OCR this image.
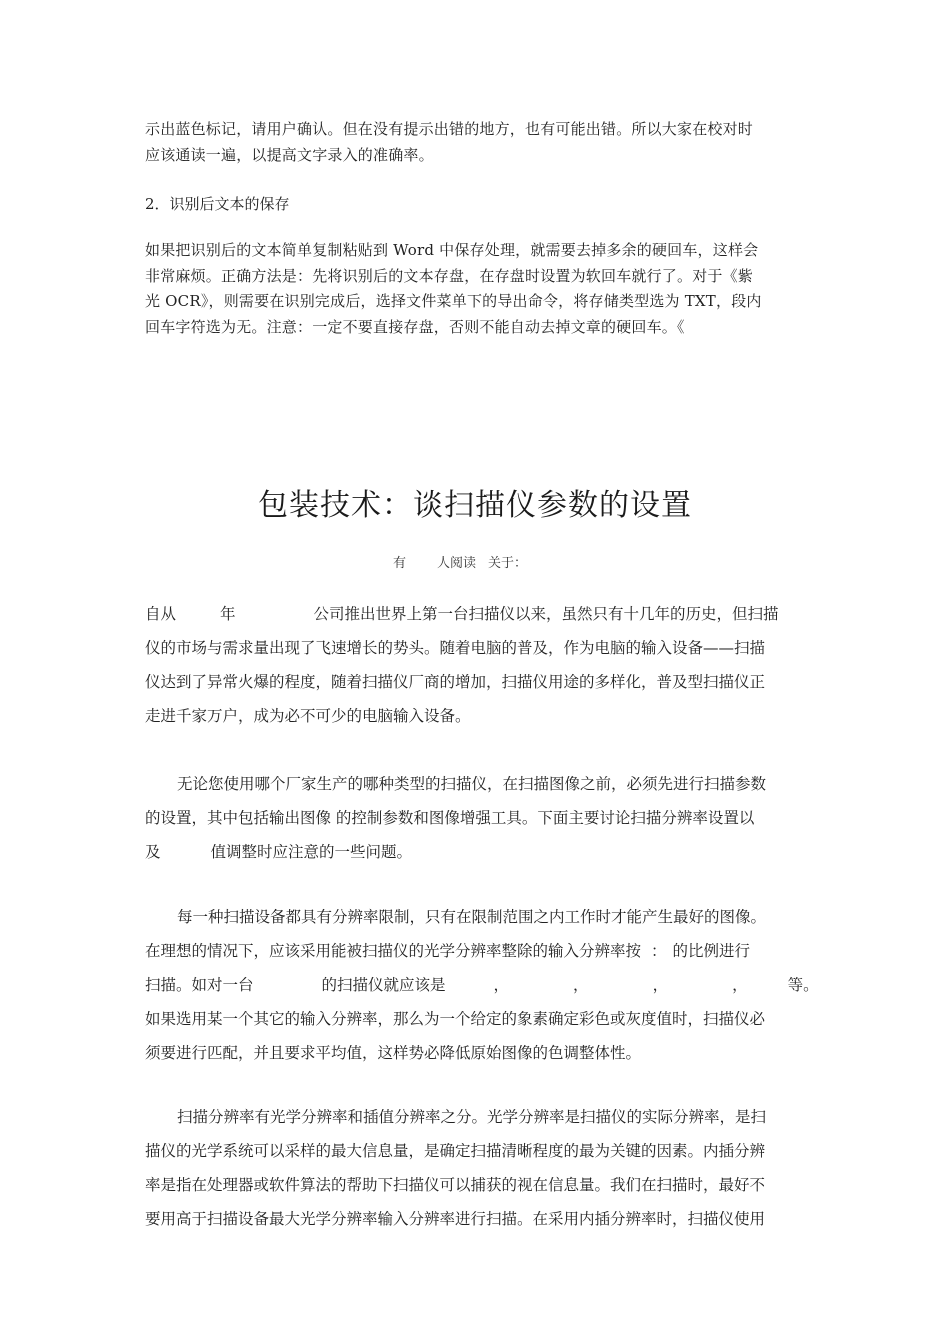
示出蓝色标记，请用户确认。但在没有提示出错的地方，也有可能出错。所以大家在校对时
应该通读一遍，以提高文字录入的准确率。
2．识别后文本的保存
如果把识别后的文本简单复制粘贴到 Word 中保存处理，就需要去掉多余的硬回车，这样会
非常麻烦。正确方法是：先将识别后的文本存盘，在存盘时设置为软回车就行了。对于《紫
光 OCR》，则需要在识别完成后，选择文件菜单下的导出命令，将存储类型选为 TXT，段内
回车字符选为无。注意：一定不要直接存盘，否则不能自动去掉文章的硬回车。《
包装技术：谈扫描仪参数的设置
有 人阅读 关于：
自从	年	公司推出世界上第一台扫描仪以来，虽然只有十几年的历史，但扫描
仪的市场与需求量出现了飞速增长的势头。随着电脑的普及，作为电脑的输入设备——扫描
仪达到了异常火爆的程度，随着扫描仪厂商的增加，扫描仪用途的多样化，普及型扫描仪正
走进千家万户，成为必不可少的电脑输入设备。
无论您使用哪个厂家生产的哪种类型的扫描仪，在扫描图像之前，必须先进行扫描参数
的设置，其中包括输出图像 的控制参数和图像增强工具。下面主要讨论扫描分辨率设置以
及	值调整时应注意的一些问题。
每一种扫描设备都具有分辨率限制，只有在限制范围之内工作时才能产生最好的图像。
在理想的情况下，应该采用能被扫描仪的光学分辨率整除的输入分辨率按 ： 的比例进行
扫描。如对一台	的扫描仪就应该是	，	，	，	，	等。
如果选用某一个其它的输入分辨率，那么为一个给定的象素确定彩色或灰度值时，扫描仪必
须要进行匹配，并且要求平均值，这样势必降低原始图像的色调整体性。
扫描分辨率有光学分辨率和插值分辨率之分。光学分辨率是扫描仪的实际分辨率，是扫
描仪的光学系统可以采样的最大信息量，是确定扫描清晰程度的最为关键的因素。内插分辨
率是指在处理器或软件算法的帮助下扫描仪可以捕获的视在信息量。我们在扫描时，最好不
要用高于扫描设备最大光学分辨率输入分辨率进行扫描。在采用内插分辨率时，扫描仪使用
